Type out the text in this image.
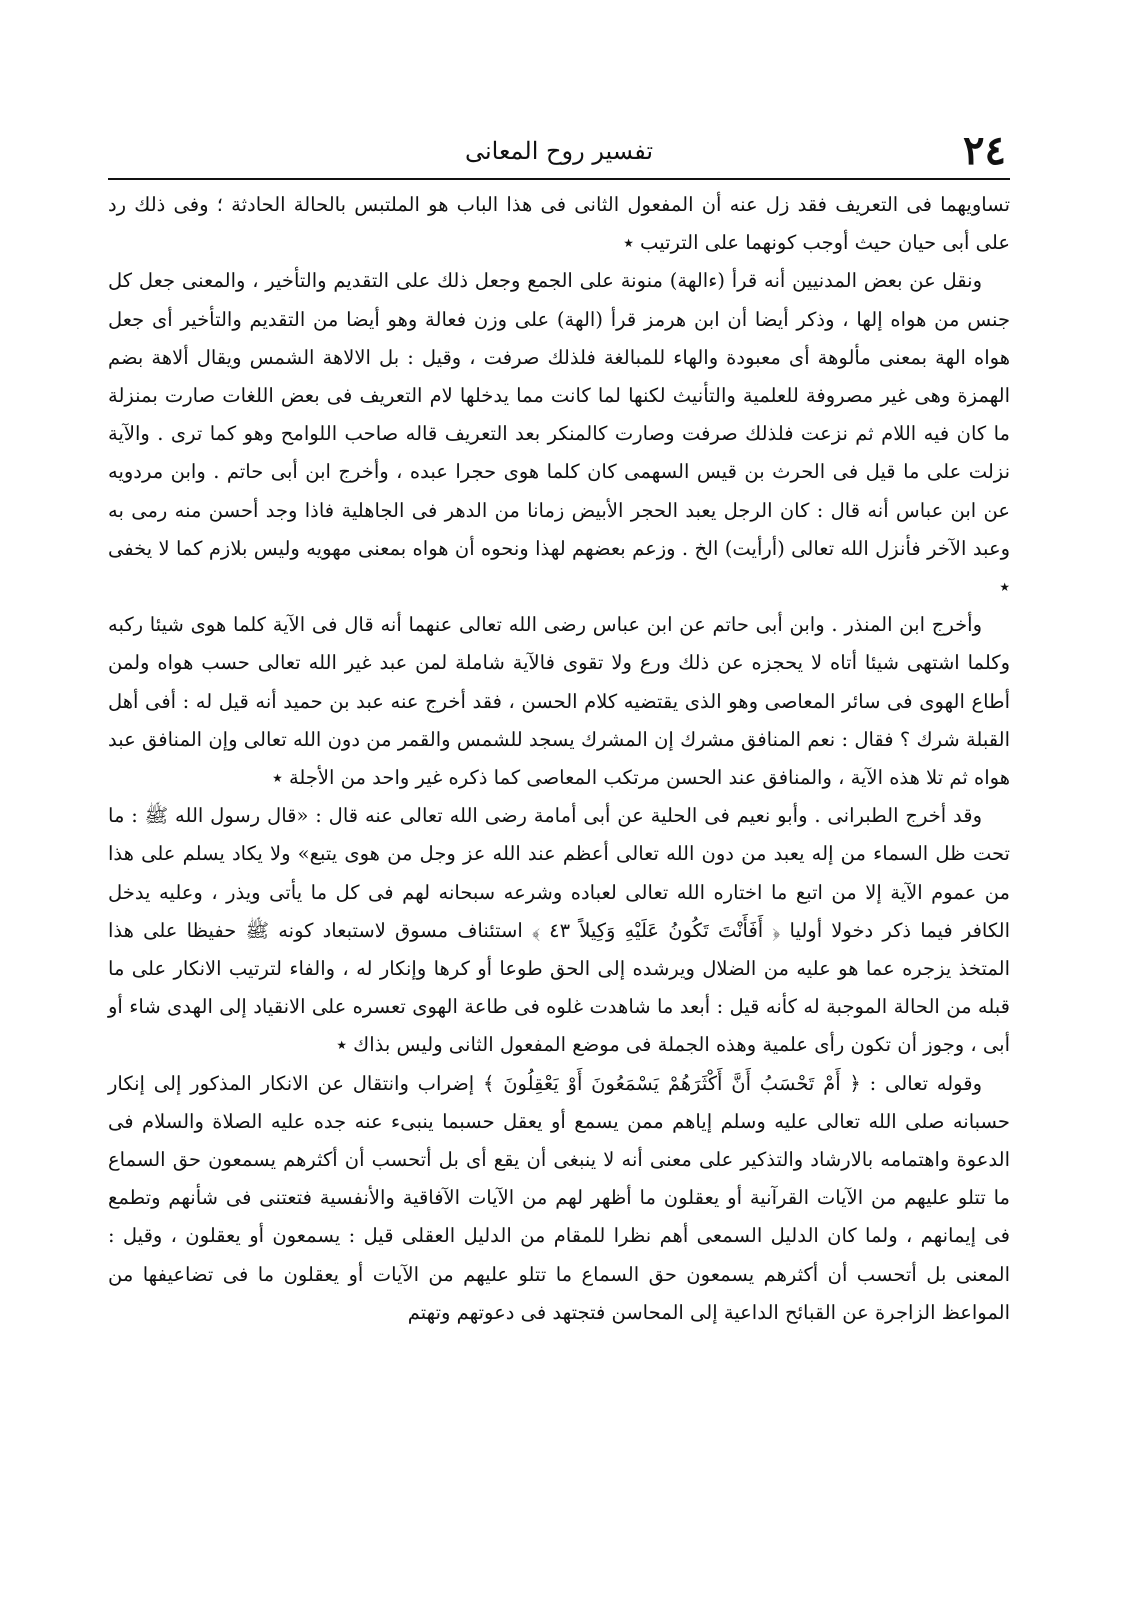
٢٤
تفسير روح المعانى

تساويهما فى التعريف فقد زل عنه أن المفعول الثانى فى هذا الباب هو الملتبس بالحالة الحادثة ؛ وفى ذلك رد على أبى حيان حيث أوجب كونهما على الترتيب ٭

ونقل عن بعض المدنيين أنه قرأ (ءالهة) منونة على الجمع وجعل ذلك على التقديم والتأخير ، والمعنى جعل كل جنس من هواه إلها ، وذكر أيضا أن ابن هرمز قرأ (الهة) على وزن فعالة وهو أيضا من التقديم والتأخير أى جعل هواه الهة بمعنى مألوهة أى معبودة والهاء للمبالغة فلذلك صرفت ، وقيل : بل الالاهة الشمس ويقال ألاهة بضم الهمزة وهى غير مصروفة للعلمية والتأنيث لكنها لما كانت مما يدخلها لام التعريف فى بعض اللغات صارت بمنزلة ما كان فيه اللام ثم نزعت فلذلك صرفت وصارت كالمنكر بعد التعريف قاله صاحب اللوامح وهو كما ترى . والآية نزلت على ما قيل فى الحرث بن قيس السهمى كان كلما هوى حجرا عبده ، وأخرج ابن أبى حاتم . وابن مردويه عن ابن عباس أنه قال : كان الرجل يعبد الحجر الأبيض زمانا من الدهر فى الجاهلية فاذا وجد أحسن منه رمى به وعبد الآخر فأنزل الله تعالى (أرأيت) الخ . وزعم بعضهم لهذا ونحوه أن هواه بمعنى مهويه وليس بلازم كما لا يخفى ٭

وأخرج ابن المنذر . وابن أبى حاتم عن ابن عباس رضى الله تعالى عنهما أنه قال فى الآية كلما هوى شيئا ركبه وكلما اشتهى شيئا أتاه لا يحجزه عن ذلك ورع ولا تقوى فالآية شاملة لمن عبد غير الله تعالى حسب هواه ولمن أطاع الهوى فى سائر المعاصى وهو الذى يقتضيه كلام الحسن ، فقد أخرج عنه عبد بن حميد أنه قيل له : أفى أهل القبلة شرك ؟ فقال : نعم المنافق مشرك إن المشرك يسجد للشمس والقمر من دون الله تعالى وإن المنافق عبد هواه ثم تلا هذه الآية ، والمنافق عند الحسن مرتكب المعاصى كما ذكره غير واحد من الأجلة ٭

وقد أخرج الطبرانى . وأبو نعيم فى الحلية عن أبى أمامة رضى الله تعالى عنه قال : «قال رسول الله ﷺ : ما تحت ظل السماء من إله يعبد من دون الله تعالى أعظم عند الله عز وجل من هوى يتبع» ولا يكاد يسلم على هذا من عموم الآية إلا من اتبع ما اختاره الله تعالى لعباده وشرعه سبحانه لهم فى كل ما يأتى ويذر ، وعليه يدخل الكافر فيما ذكر دخولا أوليا ﴿ أَفَأَنْتَ تَكُونُ عَلَيْهِ وَكِيلاً ٤٣ ﴾ استئناف مسوق لاستبعاد كونه ﷺ حفيظا على هذا المتخذ يزجره عما هو عليه من الضلال ويرشده إلى الحق طوعا أو كرها وإنكار له ، والفاء لترتيب الانكار على ما قبله من الحالة الموجبة له كأنه قيل : أبعد ما شاهدت غلوه فى طاعة الهوى تعسره على الانقياد إلى الهدى شاء أو أبى ، وجوز أن تكون رأى علمية وهذه الجملة فى موضع المفعول الثانى وليس بذاك ٭

وقوله تعالى : ﴿ أَمْ تَحْسَبُ أَنَّ أَكْثَرَهُمْ يَسْمَعُونَ أَوْ يَعْقِلُونَ ﴾ إضراب وانتقال عن الانكار المذكور إلى إنكار حسبانه صلى الله تعالى عليه وسلم إياهم ممن يسمع أو يعقل حسبما ينبىء عنه جده عليه الصلاة والسلام فى الدعوة واهتمامه بالارشاد والتذكير على معنى أنه لا ينبغى أن يقع أى بل أتحسب أن أكثرهم يسمعون حق السماع ما تتلو عليهم من الآيات القرآنية أو يعقلون ما أظهر لهم من الآيات الآفاقية والأنفسية فتعتنى فى شأنهم وتطمع فى إيمانهم ، ولما كان الدليل السمعى أهم نظرا للمقام من الدليل العقلى قيل : يسمعون أو يعقلون ، وقيل : المعنى بل أتحسب أن أكثرهم يسمعون حق السماع ما تتلو عليهم من الآيات أو يعقلون ما فى تضاعيفها من المواعظ الزاجرة عن القبائح الداعية إلى المحاسن فتجتهد فى دعوتهم وتهتم
